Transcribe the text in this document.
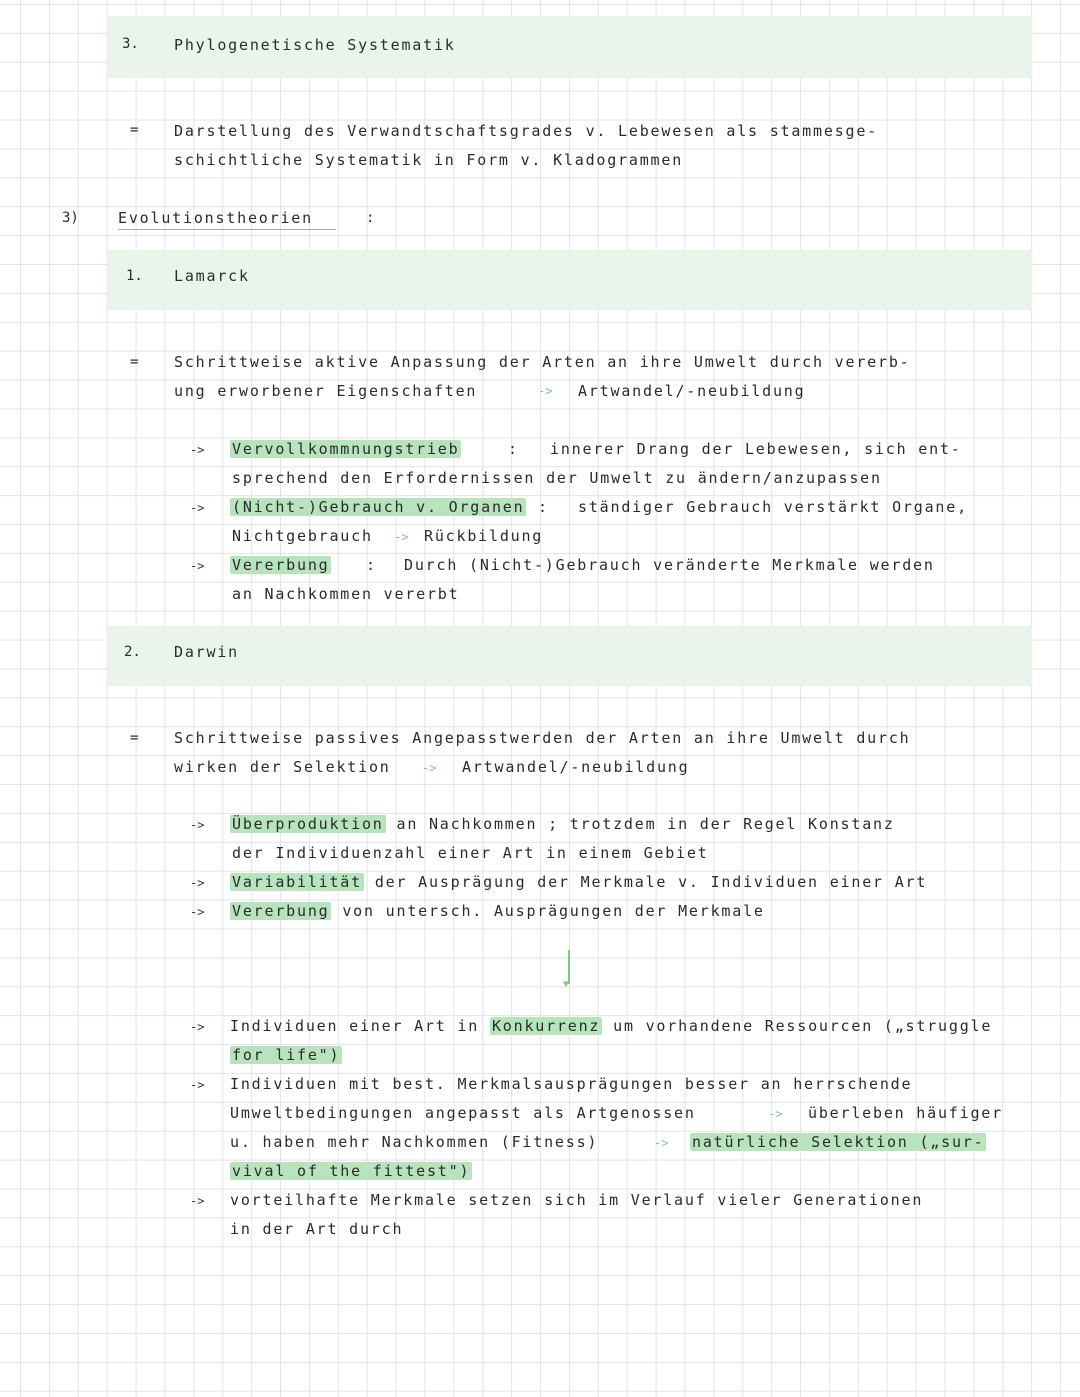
3. Phylogenetische Systematik
= Darstellung des Verwandtschaftsgrades v. Lebewesen als stammesge-
schichtliche Systematik in Form v. Kladogrammen
3)	Evolutionstheorien	:
1. Lamarck
= Schrittweise aktive Anpassung der Arten an ihre Umwelt durch vererb-
ung erworbener Eigenschaften	-> Artwandel/-neubildung
-> Vervollkommnungstrieb	: innerer Drang der Lebewesen, sich ent-
sprechend den Erfordernissen der Umwelt zu ändern/anzupassen
-> (Nicht-)Gebrauch v. Organen : ständiger Gebrauch verstärkt Organe,
Nichtgebrauch -> Rückbildung
-> Vererbung : Durch (Nicht-)Gebrauch veränderte Merkmale werden
an Nachkommen vererbt
2. Darwin
= Schrittweise passives Angepasstwerden der Arten an ihre Umwelt durch
wirken der Selektion	-> Artwandel/-neubildung
-> Überproduktion an Nachkommen ; trotzdem in der Regel Konstanz
der Individuenzahl einer Art in einem Gebiet
-> Variabilität der Ausprägung der Merkmale v. Individuen einer Art
-> Vererbung von untersch. Ausprägungen der Merkmale
▼
-> Individuen einer Art in Konkurrenz um vorhandene Ressourcen („struggle
for life")
-> Individuen mit best. Merkmalsausprägungen besser an herrschende
Umweltbedingungen angepasst als Artgenossen	-> überleben häufiger
u. haben mehr Nachkommen (Fitness)	-> natürliche Selektion („sur-
vival of the fittest")
-> vorteilhafte Merkmale setzen sich im Verlauf vieler Generationen
in der Art durch
